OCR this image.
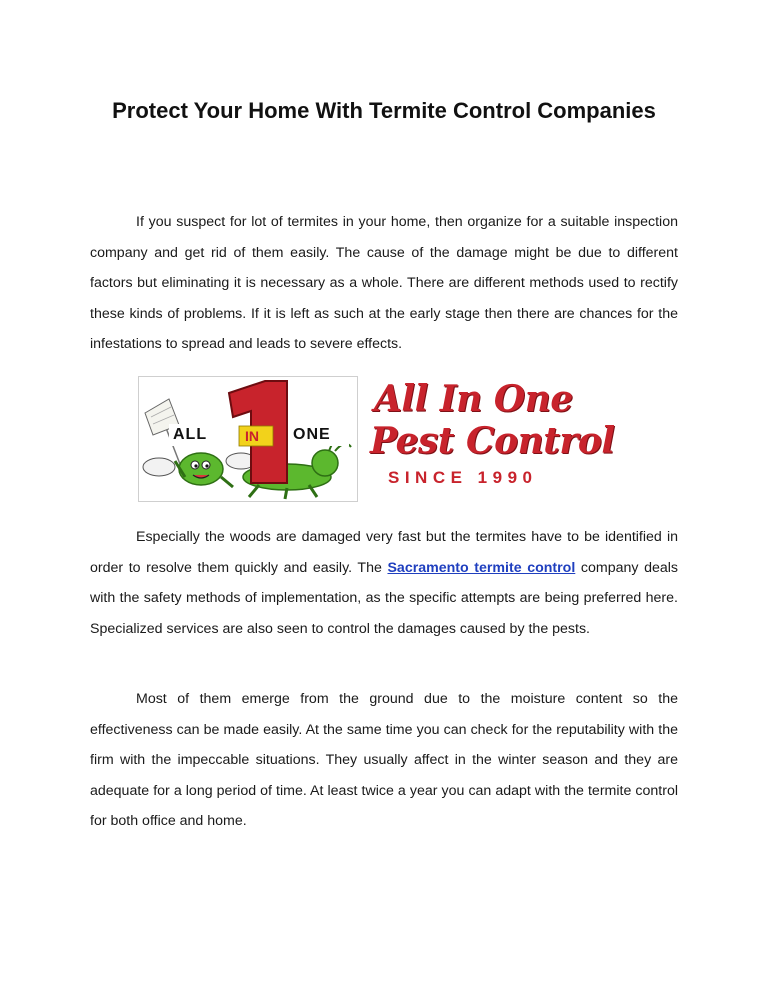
Protect Your Home With Termite Control Companies

If you suspect for lot of termites in your home, then organize for a suitable inspection company and get rid of them easily. The cause of the damage might be due to different factors but eliminating it is necessary as a whole. There are different methods used to rectify these kinds of problems. If it is left as such at the early stage then there are chances for the infestations to spread and leads to severe effects.

ALL	IN ONE
All In One
Pest Control
SINCE 1990

Especially the woods are damaged very fast but the termites have to be identified in order to resolve them quickly and easily. The Sacramento termite control company deals with the safety methods of implementation, as the specific attempts are being preferred here. Specialized services are also seen to control the damages caused by the pests.

Most of them emerge from the ground due to the moisture content so the effectiveness can be made easily. At the same time you can check for the reputability with the firm with the impeccable situations. They usually affect in the winter season and they are adequate for a long period of time. At least twice a year you can adapt with the termite control for both office and home.
